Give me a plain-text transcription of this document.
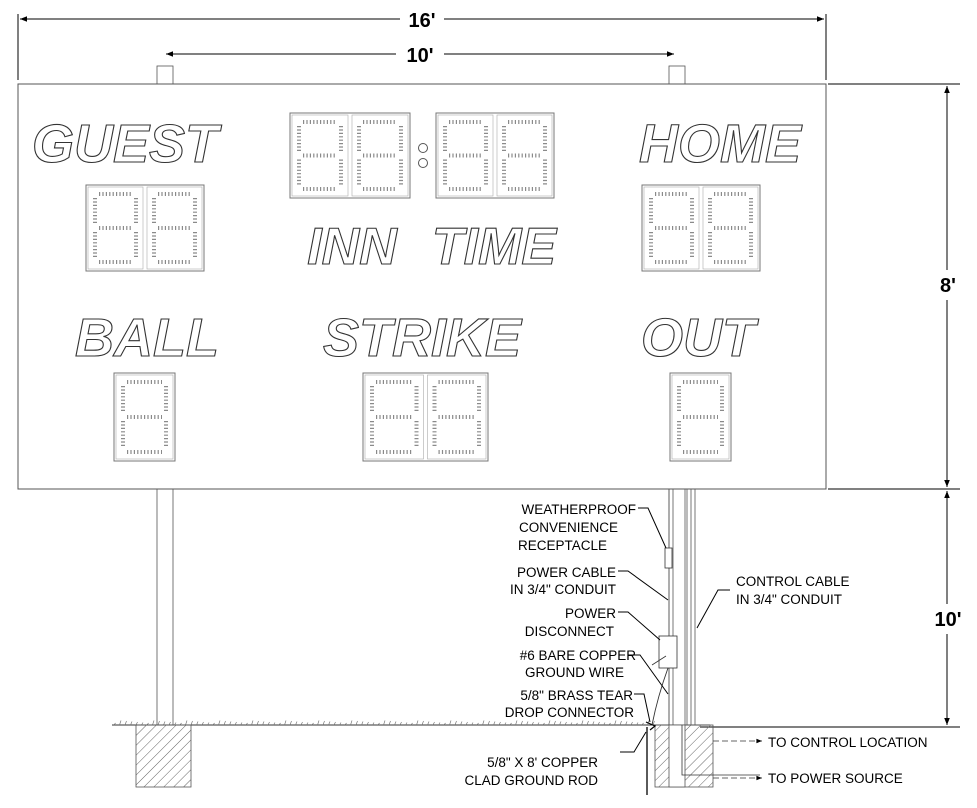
16'
10'
8'
10'
GUEST	HOME
INN TIME
BALL STRIKE OUT
WEATHERPROOF
CONVENIENCE
RECEPTACLE
POWER CABLE
IN 3/4" CONDUIT
POWER
DISCONNECT
#6 BARE COPPER
GROUND WIRE
5/8" BRASS TEAR
DROP CONNECTOR
5/8" X 8' COPPER
CLAD GROUND ROD
CONTROL CABLE
IN 3/4" CONDUIT
TO CONTROL LOCATION
TO POWER SOURCE
